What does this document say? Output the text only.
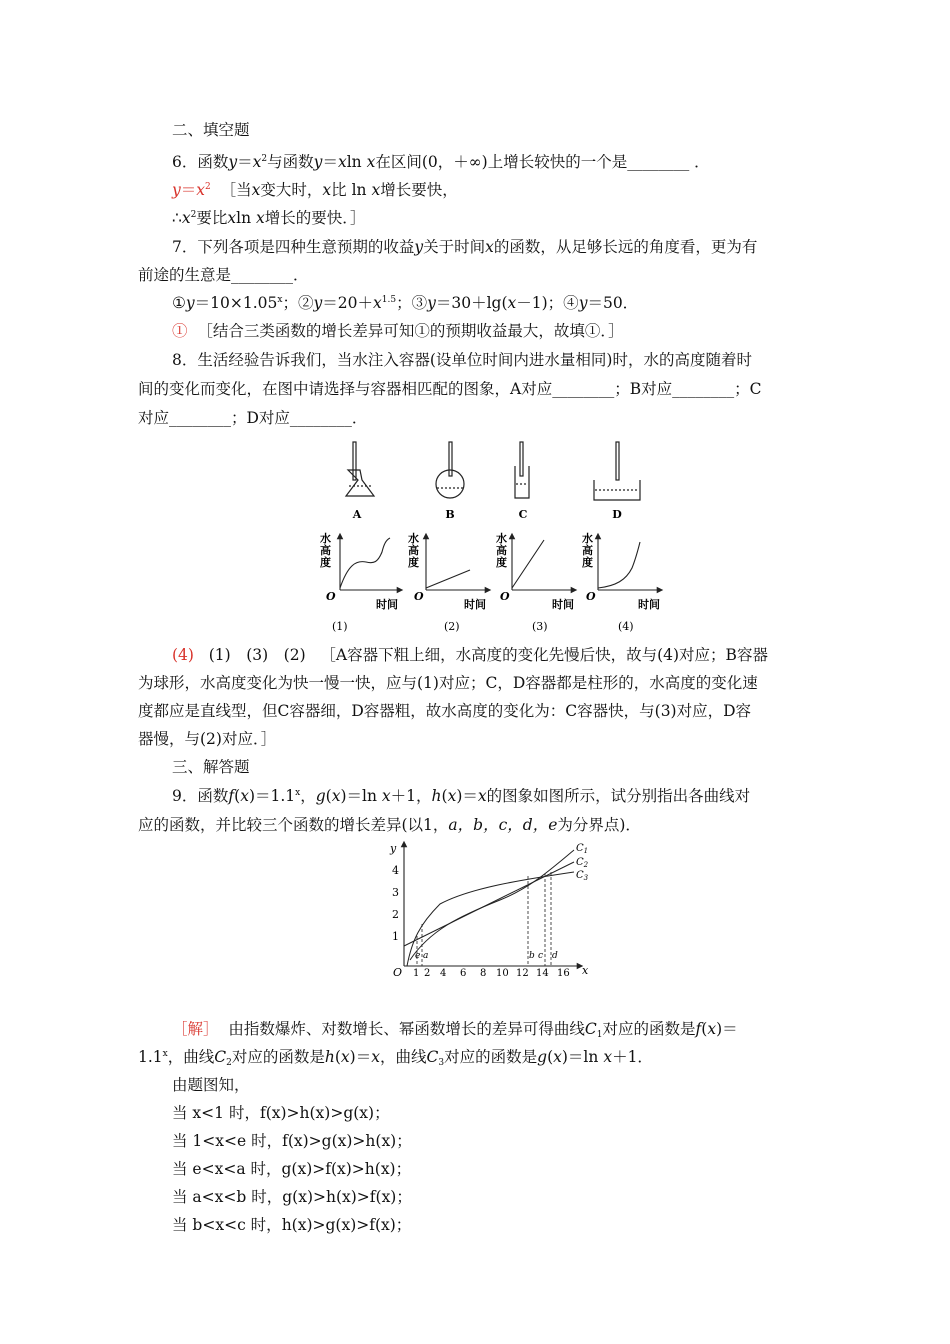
二、填空题
6．函数$y=x^2$与函数y＝xln x在区间(0，＋∞)上增长较快的一个是________ ．
$y=x^2$ ［当x变大时，x比 ln x增长要快，
$\therefore x^2$要比xln x增长的要快．］
7．下列各项是四种生意预期的收益y关于时间x的函数，从足够长远的角度看，更为有
前途的生意是________．
$①y=10\times 1.05^x$；$②y=20+x^{1.5}$；③y＝30＋lg(x－1)；④y＝50．
① ［结合三类函数的增长差异可知①的预期收益最大，故填①．］
8．生活经验告诉我们，当水注入容器(设单位时间内进水量相同)时，水的高度随着时
间的变化而变化，在图中请选择与容器相匹配的图象，A对应________；B对应________；C
对应________；D对应________．
A	B	C	D
水
高
度
O
时间
(1)
水
高
度
O
时间
(2)
水
高
度
O
时间
(3)
水
高
度
O
时间
(4)
(4) (1)　(3)　(2) ［A容器下粗上细，水高度的变化先慢后快，故与(4)对应；B容器
为球形，水高度变化为快一慢一快，应与(1)对应；C，D容器都是柱形的，水高度的变化速
度都应是直线型，但C容器细，D容器粗，故水高度的变化为：C容器快，与(3)对应，D容
器慢，与(2)对应．］
三、解答题
9．函数$f(x)=1.1^x$，g(x)＝ln x＋1，h(x)＝x的图象如图所示，试分别指出各曲线对
应的函数，并比较三个函数的增长差异(以1，a，b，c，d，e为分界点)．
y
x
O
1
2
3
4
1 2 4 6 8 10 12 14 16
e a	b c d
$C_1$
$C_2$
$C_3$
［解］ 由指数爆炸、对数增长、幂函数增长的差异可得曲线$C_1$对应的函数是f(x)＝
$1.1^x$，曲线$C_2$对应的函数是h(x)＝x，曲线$C_3$对应的函数是g(x)＝ln x＋1．
由题图知，
当 x<1 时，f(x)>h(x)>g(x)；
当 1<x<e 时，f(x)>g(x)>h(x)；
当 e<x<a 时，g(x)>f(x)>h(x)；
当 a<x<b 时，g(x)>h(x)>f(x)；
当 b<x<c 时，h(x)>g(x)>f(x)；
